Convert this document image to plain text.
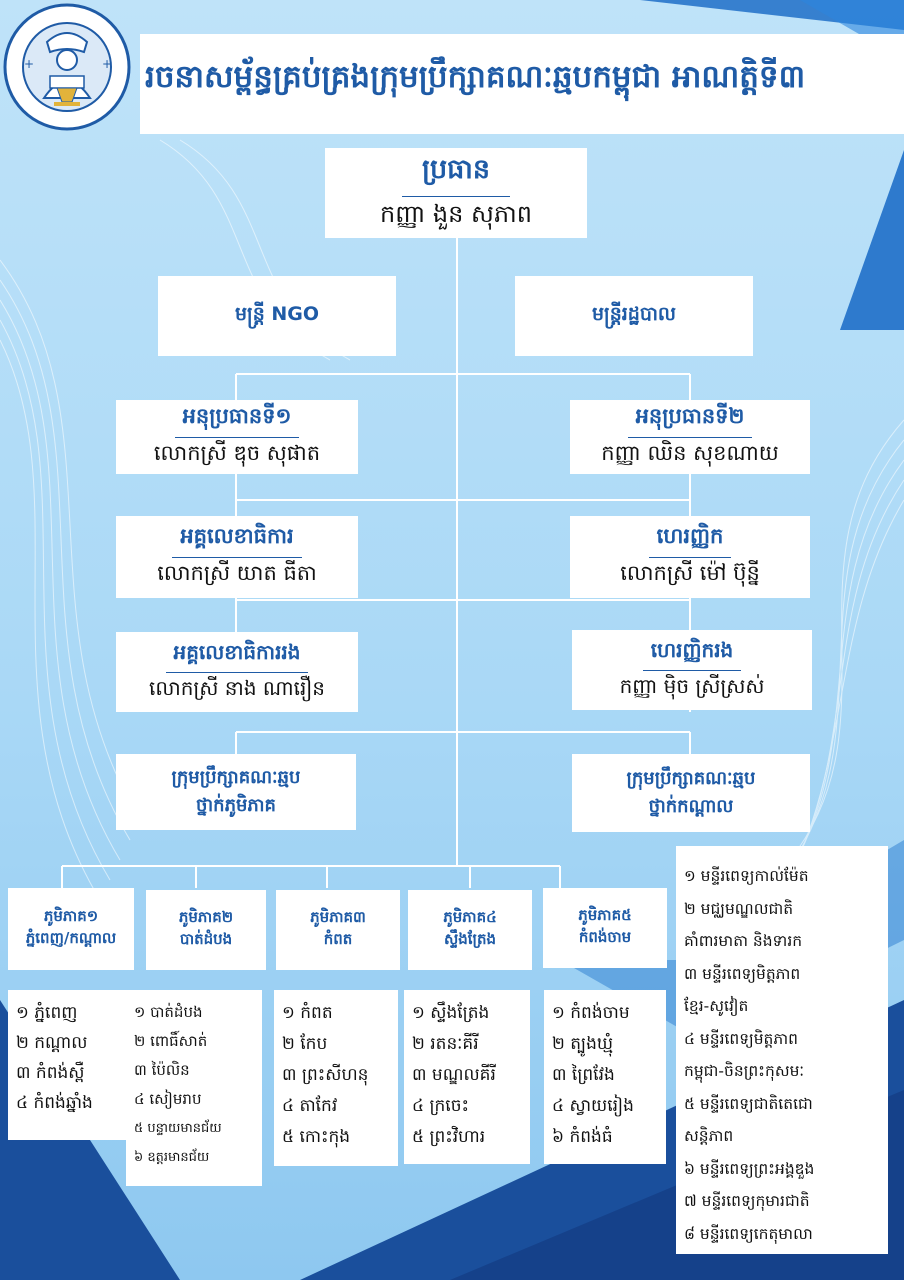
+	+ រចនាសម្ព័ន្ធគ្រប់គ្រងក្រុមប្រឹក្សាគណៈឆ្មបកម្ពុជា អាណត្តិទី៣
ប្រធាន
កញ្ញា ងួន សុភាព
មន្ត្រី NGO	មន្ត្រីរដ្ឋបាល
អនុប្រធានទី១
លោកស្រី ឌុច សុផាត
អនុប្រធានទី២
កញ្ញា ឈិន សុខណាយ
អគ្គលេខាធិការ
លោកស្រី យាត ធីតា
ហេរញ្ញិក
លោកស្រី ម៉ៅ ប៊ុន្នី
អគ្គលេខាធិការរង
លោកស្រី នាង ណារឿន
ហេរញ្ញិករង
កញ្ញា ម៉ិច ស្រីស្រស់
ក្រុមប្រឹក្សាគណៈឆ្មប
ថ្នាក់ភូមិភាគ
ក្រុមប្រឹក្សាគណៈឆ្មប
ថ្នាក់កណ្ដាល
ភូមិភាគ១
ភ្នំពេញ/កណ្ដាល
ភូមិភាគ២
បាត់ដំបង
ភូមិភាគ៣
កំពត
ភូមិភាគ៤
ស្ទឹងត្រែង
ភូមិភាគ៥
កំពង់ចាម
១ ភ្នំពេញ
២ កណ្ដាល
៣ កំពង់ស្ពឺ
៤ កំពង់ឆ្នាំង
១ បាត់ដំបង
២ ពោធិ៍សាត់
៣ ប៉ៃលិន
៤ សៀមរាប
៥ បន្ទាយមានជ័យ
៦ ឧត្ដរមានជ័យ
១ កំពត
២ កែប
៣ ព្រះសីហនុ
៤ តាកែវ
៥ កោះកុង
១ ស្ទឹងត្រែង
២ រតនៈគីរី
៣ មណ្ឌលគីរី
៤ ក្រចេះ
៥ ព្រះវិហារ
១ កំពង់ចាម
២ ត្បូងឃ្មុំ
៣ ព្រៃវែង
៤ ស្វាយរៀង
៦ កំពង់ធំ
១ មន្ទីរពេទ្យកាល់ម៉ែត
២ មជ្ឈមណ្ឌលជាតិ
គាំពារមាតា និងទារក
៣ មន្ទីរពេទ្យមិត្តភាព
ខ្មែរ-សូវៀត
៤ មន្ទីរពេទ្យមិត្តភាព
កម្ពុជា-ចិនព្រះកុសមៈ
៥ មន្ទីរពេទ្យជាតិតេជោ
សន្តិភាព
៦ មន្ទីរពេទ្យព្រះអង្គឌួង
៧ មន្ទីរពេទ្យកុមារជាតិ
៨ មន្ទីរពេទ្យកេតុមាលា
